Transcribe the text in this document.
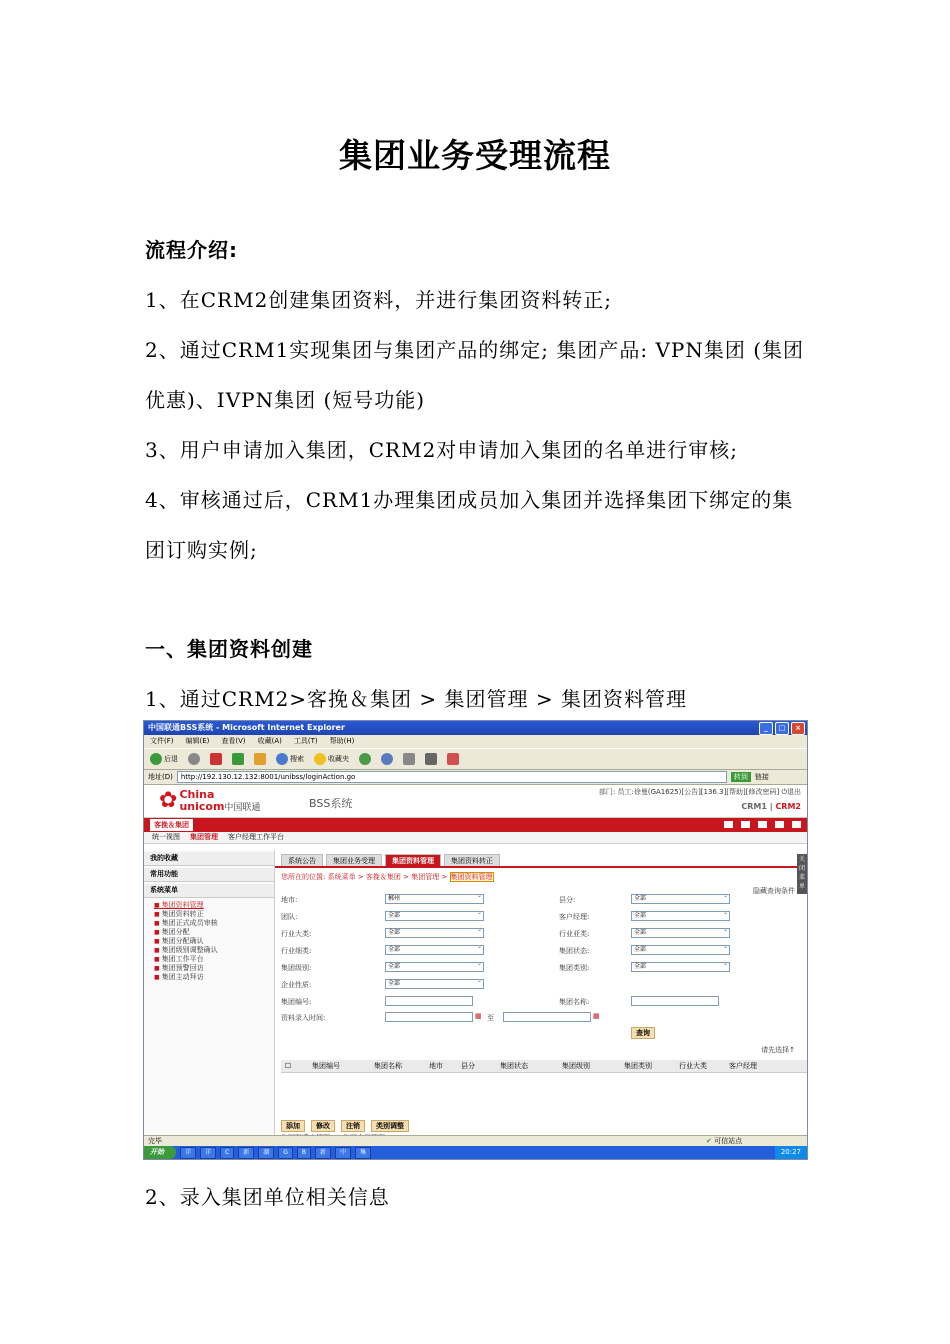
集团业务受理流程
流程介绍:
1、在CRM2创建集团资料，并进行集团资料转正;
2、通过CRM1实现集团与集团产品的绑定; 集团产品: VPN集团 (集团优惠)、IVPN集团 (短号功能)
3、用户申请加入集团，CRM2对申请加入集团的名单进行审核;
4、审核通过后，CRM1办理集团成员加入集团并选择集团下绑定的集团订购实例;
一、集团资料创建
1、通过CRM2>客挽＆集团 > 集团管理 > 集团资料管理
中国联通BSS系统 - Microsoft Internet Explorer	_	□	×
文件(F) 编辑(E) 查看(V) 收藏(A) 工具(T) 帮助(H)
后退	搜索	收藏夹
地址(D)	http://192.130.12.132:8001/unibss/loginAction.go	转到	链接
✿ China
unicom中国联通	BSS系统
部门: 员工:徐曼(GA1625)[公告][136.3][帮助][修改密码] ⏻退出
CRM1 | CRM2
客挽＆集团
统一视图 集团管理 客户经理工作平台
我的收藏
常用功能
系统菜单
■ 集团资料管理
■ 集团资料转正
■ 集团正式成员审核
■ 集团分配
■ 集团分配确认
■ 集团级别调整确认
■ 集团工作平台
■ 集团预警回访
■ 集团主动拜访
系统公告	集团业务受理	集团资料管理	集团资料转正	关闭菜单
您所在的位置: 系统菜单 > 客挽＆集团 > 集团管理 > 集团资料管理
隐藏查询条件
地市:	郴州 ⌄	县分:	全部 ⌄
团队:	全部 ⌄	客户经理:	全部 ⌄
行业大类:	全部 ⌄	行业亚类:	全部 ⌄
行业细类:	全部 ⌄	集团状态:	全部 ⌄
集团级别:	全部 ⌄	集团类别:	全部 ⌄
企业性质:	全部 ⌄
集团编号:	集团名称:
资料录入时间:	▦ 至	▦
查询
请先选择↑
☐	集团编号	集团名称	地市	县分	集团状态	集团级别	集团类别	行业大类	客户经理
添加	修改	注销	类别调整
完毕	✔ 可信站点
开始	详	详	C	新	湖	G	B	新	中	集	20:27
2、录入集团单位相关信息
